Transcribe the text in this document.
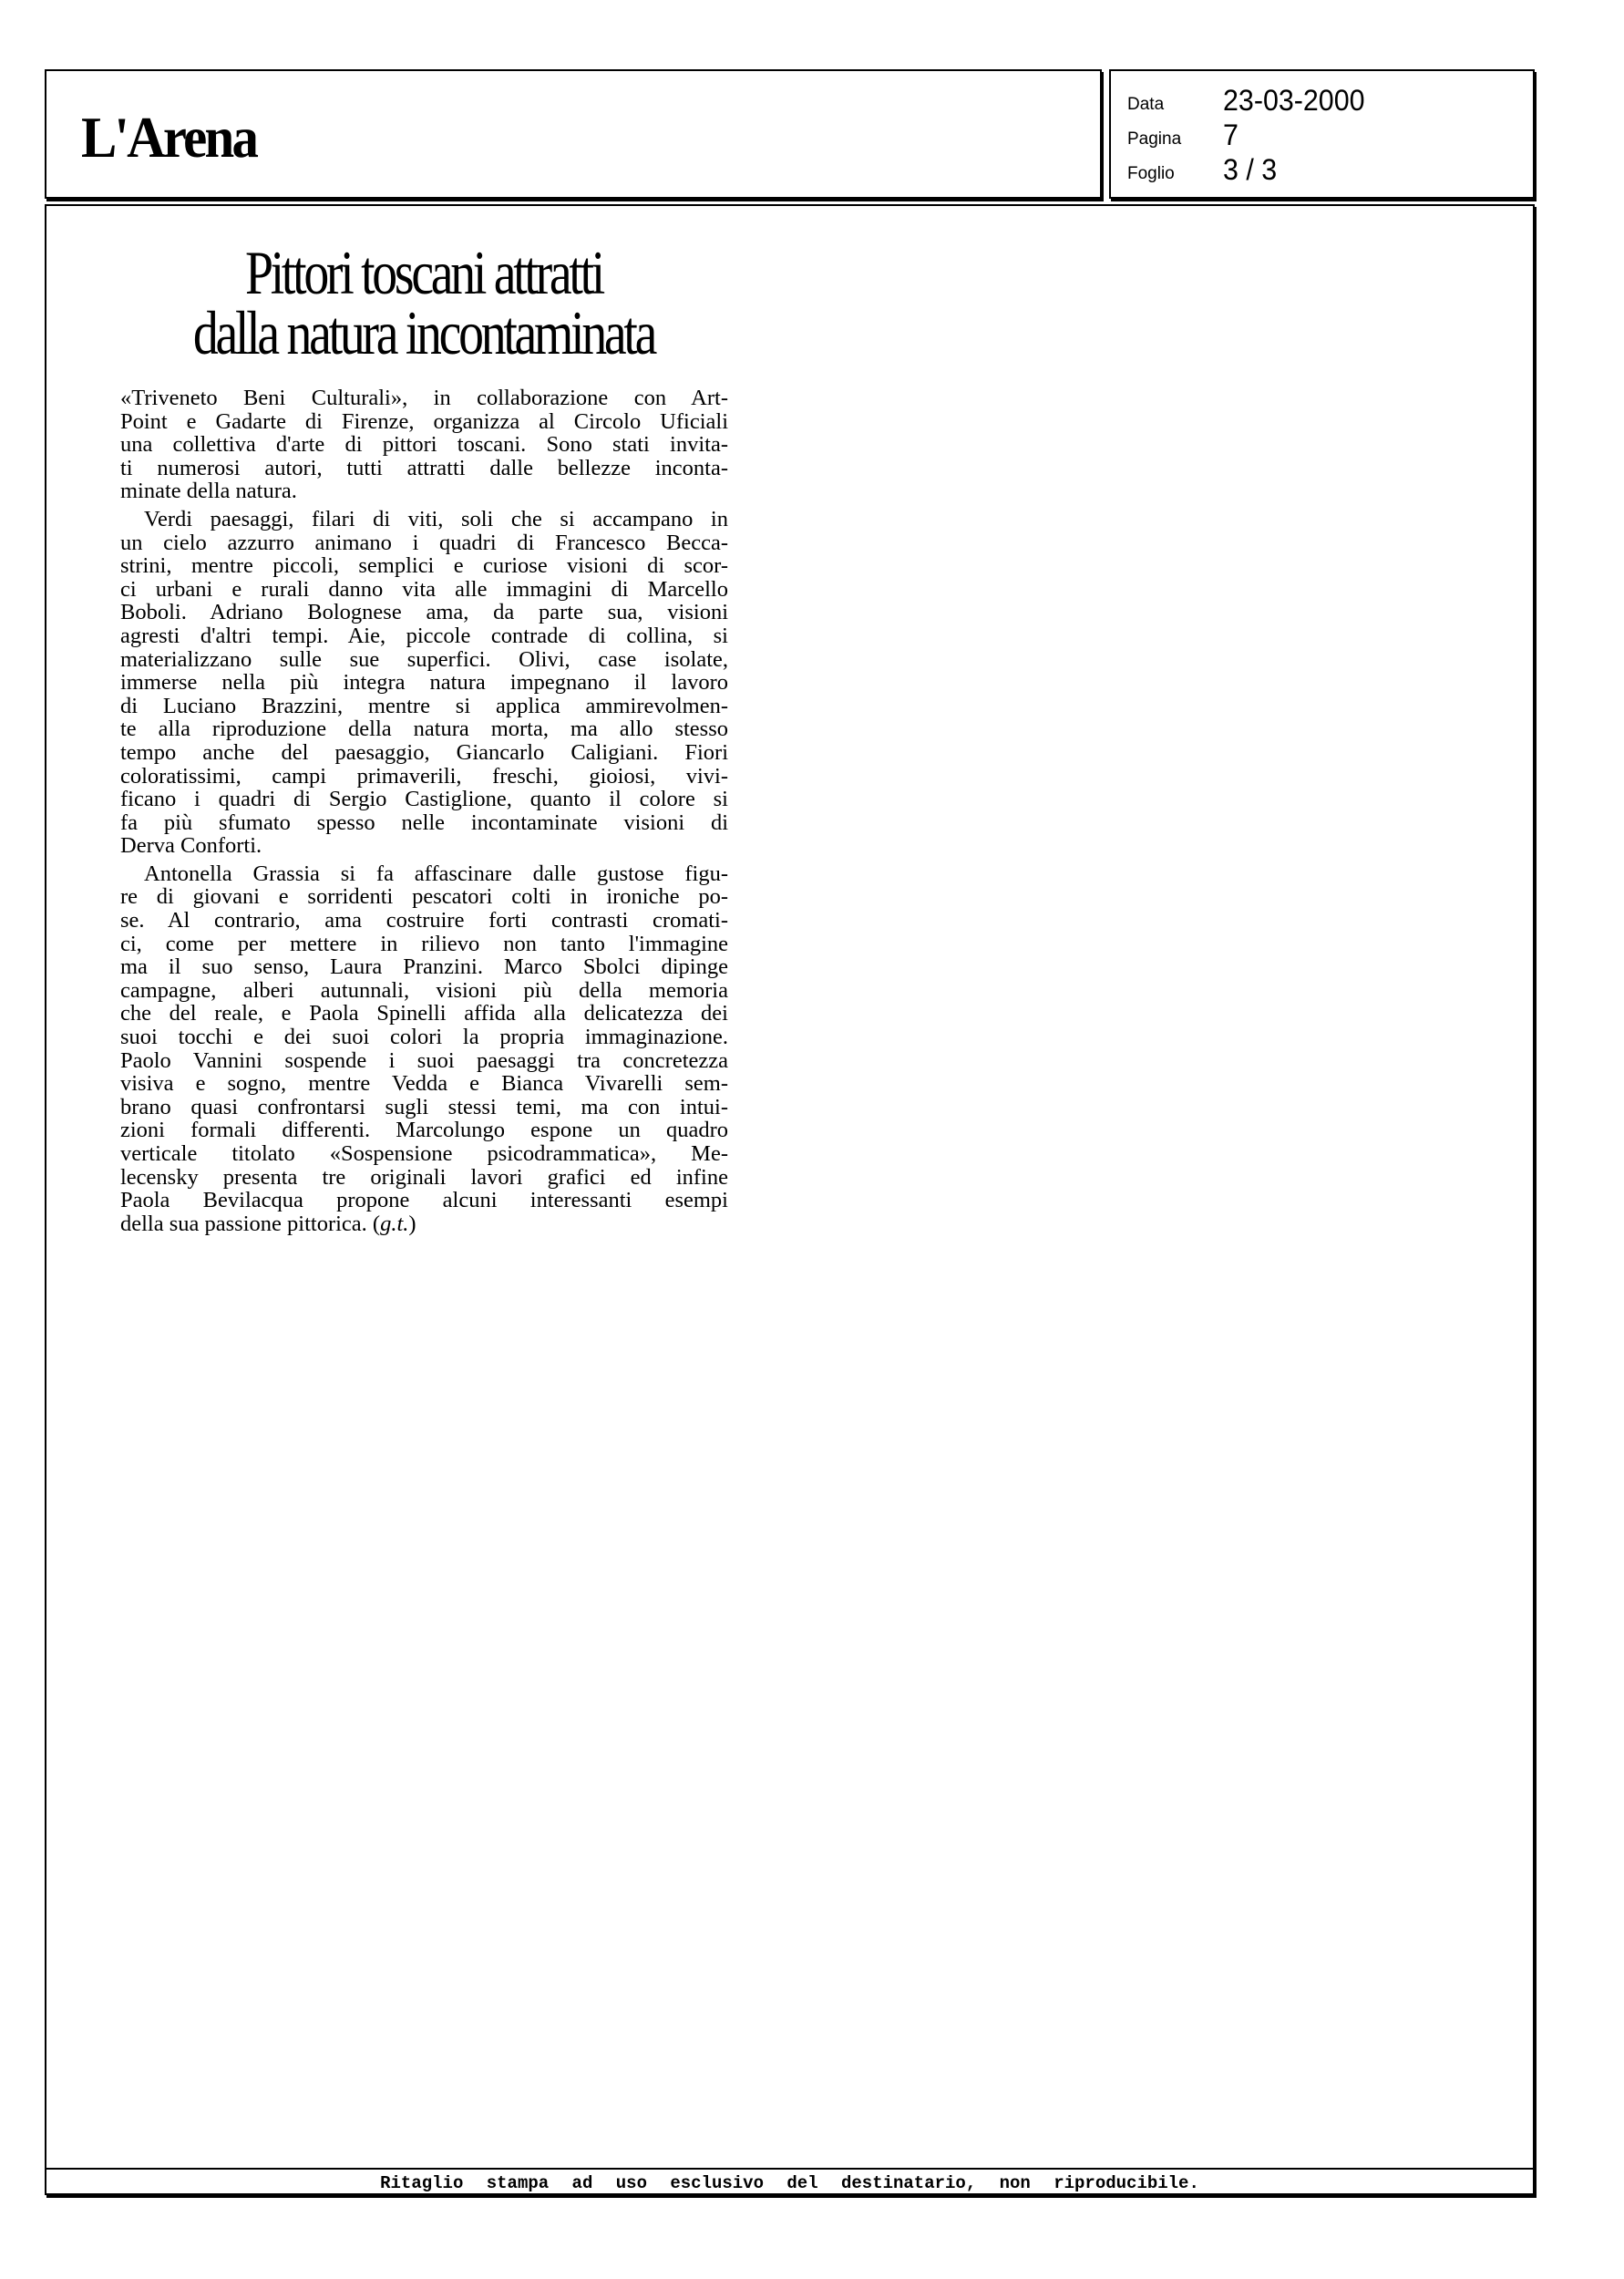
L'Arena
Data 23-03-2000
Pagina 7
Foglio 3 / 3
Pittori toscani attratti
dalla natura incontaminata
«Triveneto Beni Culturali», in collaborazione con Art-
Point e Gadarte di Firenze, organizza al Circolo Uficiali
una collettiva d'arte di pittori toscani. Sono stati invita-
ti numerosi autori, tutti attratti dalle bellezze inconta-
minate della natura.
Verdi paesaggi, filari di viti, soli che si accampano in
un cielo azzurro animano i quadri di Francesco Becca-
strini, mentre piccoli, semplici e curiose visioni di scor-
ci urbani e rurali danno vita alle immagini di Marcello
Boboli. Adriano Bolognese ama, da parte sua, visioni
agresti d'altri tempi. Aie, piccole contrade di collina, si
materializzano sulle sue superfici. Olivi, case isolate,
immerse nella più integra natura impegnano il lavoro
di Luciano Brazzini, mentre si applica ammirevolmen-
te alla riproduzione della natura morta, ma allo stesso
tempo anche del paesaggio, Giancarlo Caligiani. Fiori
coloratissimi, campi primaverili, freschi, gioiosi, vivi-
ficano i quadri di Sergio Castiglione, quanto il colore si
fa più sfumato spesso nelle incontaminate visioni di
Derva Conforti.
Antonella Grassia si fa affascinare dalle gustose figu-
re di giovani e sorridenti pescatori colti in ironiche po-
se. Al contrario, ama costruire forti contrasti cromati-
ci, come per mettere in rilievo non tanto l'immagine
ma il suo senso, Laura Pranzini. Marco Sbolci dipinge
campagne, alberi autunnali, visioni più della memoria
che del reale, e Paola Spinelli affida alla delicatezza dei
suoi tocchi e dei suoi colori la propria immaginazione.
Paolo Vannini sospende i suoi paesaggi tra concretezza
visiva e sogno, mentre Vedda e Bianca Vivarelli sem-
brano quasi confrontarsi sugli stessi temi, ma con intui-
zioni formali differenti. Marcolungo espone un quadro
verticale titolato «Sospensione psicodrammatica», Me-
lecensky presenta tre originali lavori grafici ed infine
Paola Bevilacqua propone alcuni interessanti esempi
della sua passione pittorica. (g.t.)
Ritaglio stampa ad uso esclusivo del destinatario, non riproducibile.
